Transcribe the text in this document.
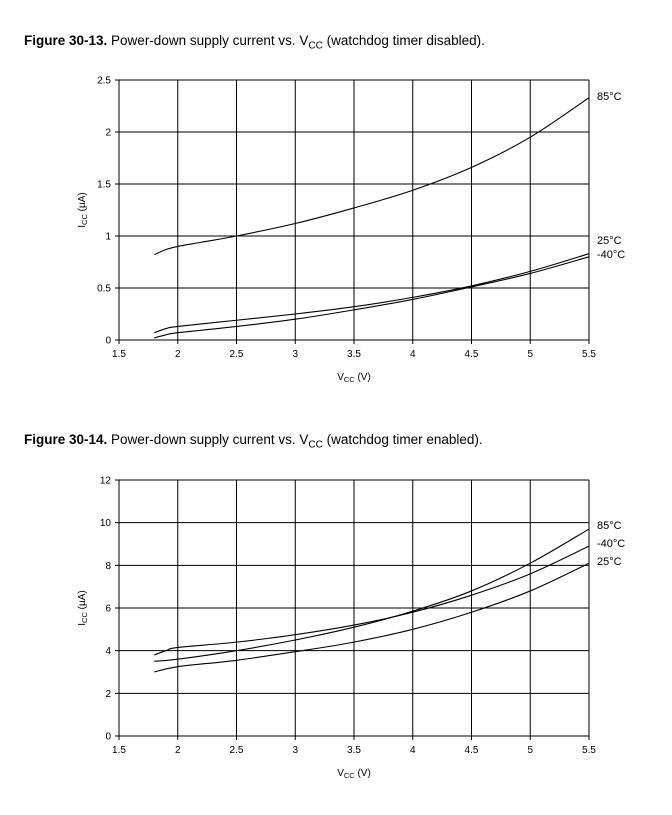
Figure 30-13. Power-down supply current vs. $V_{CC}$ (watchdog timer disabled).
0
0.5
1
1.5
2
2.5
1.5	2	2.5	3	3.5	4	4.5	5	5.5
$V_{CC}$ (V)
$I_{CC}$ (µA)
85°C
25°C
-40°C
Figure 30-14. Power-down supply current vs. $V_{CC}$ (watchdog timer enabled).
0
2
4
6
8
10
12
1.5	2	2.5	3	3.5	4	4.5	5	5.5
$V_{CC}$ (V)
$I_{CC}$ (µA)
85°C
-40°C
25°C
